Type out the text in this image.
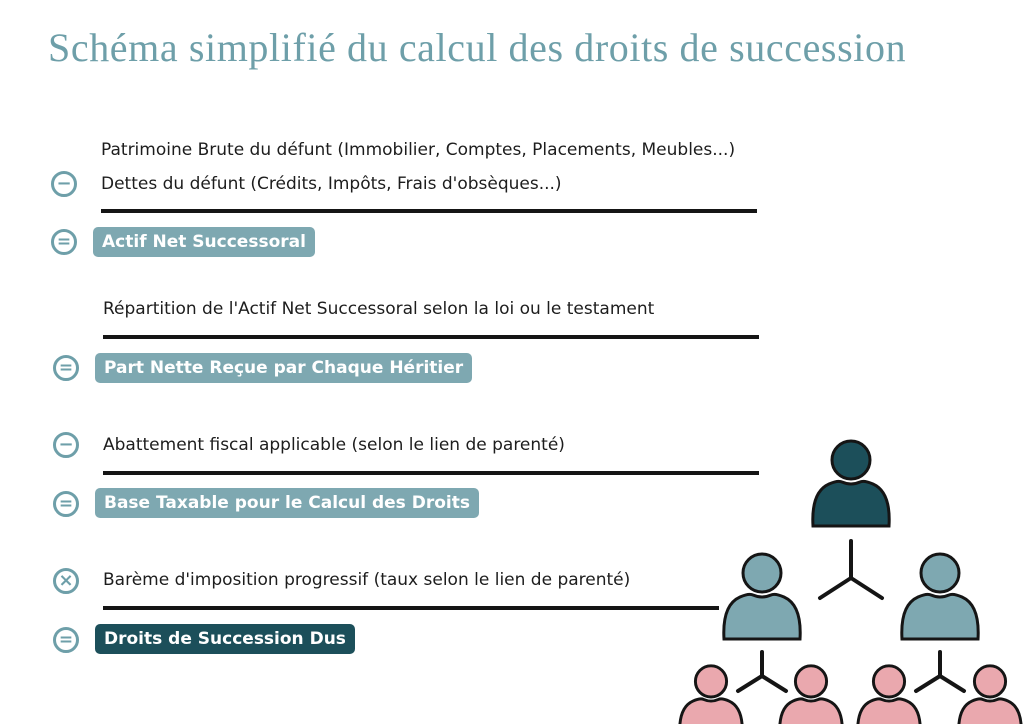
Schéma simplifié du calcul des droits de succession
Patrimoine Brute du défunt (Immobilier, Comptes, Placements, Meubles...)
−	Dettes du défunt (Crédits, Impôts, Frais d'obsèques...)
=	Actif Net Successoral
Répartition de l'Actif Net Successoral selon la loi ou le testament
=	Part Nette Reçue par Chaque Héritier
−	Abattement fiscal applicable (selon le lien de parenté)
=	Base Taxable pour le Calcul des Droits
×	Barème d'imposition progressif (taux selon le lien de parenté)
=	Droits de Succession Dus
